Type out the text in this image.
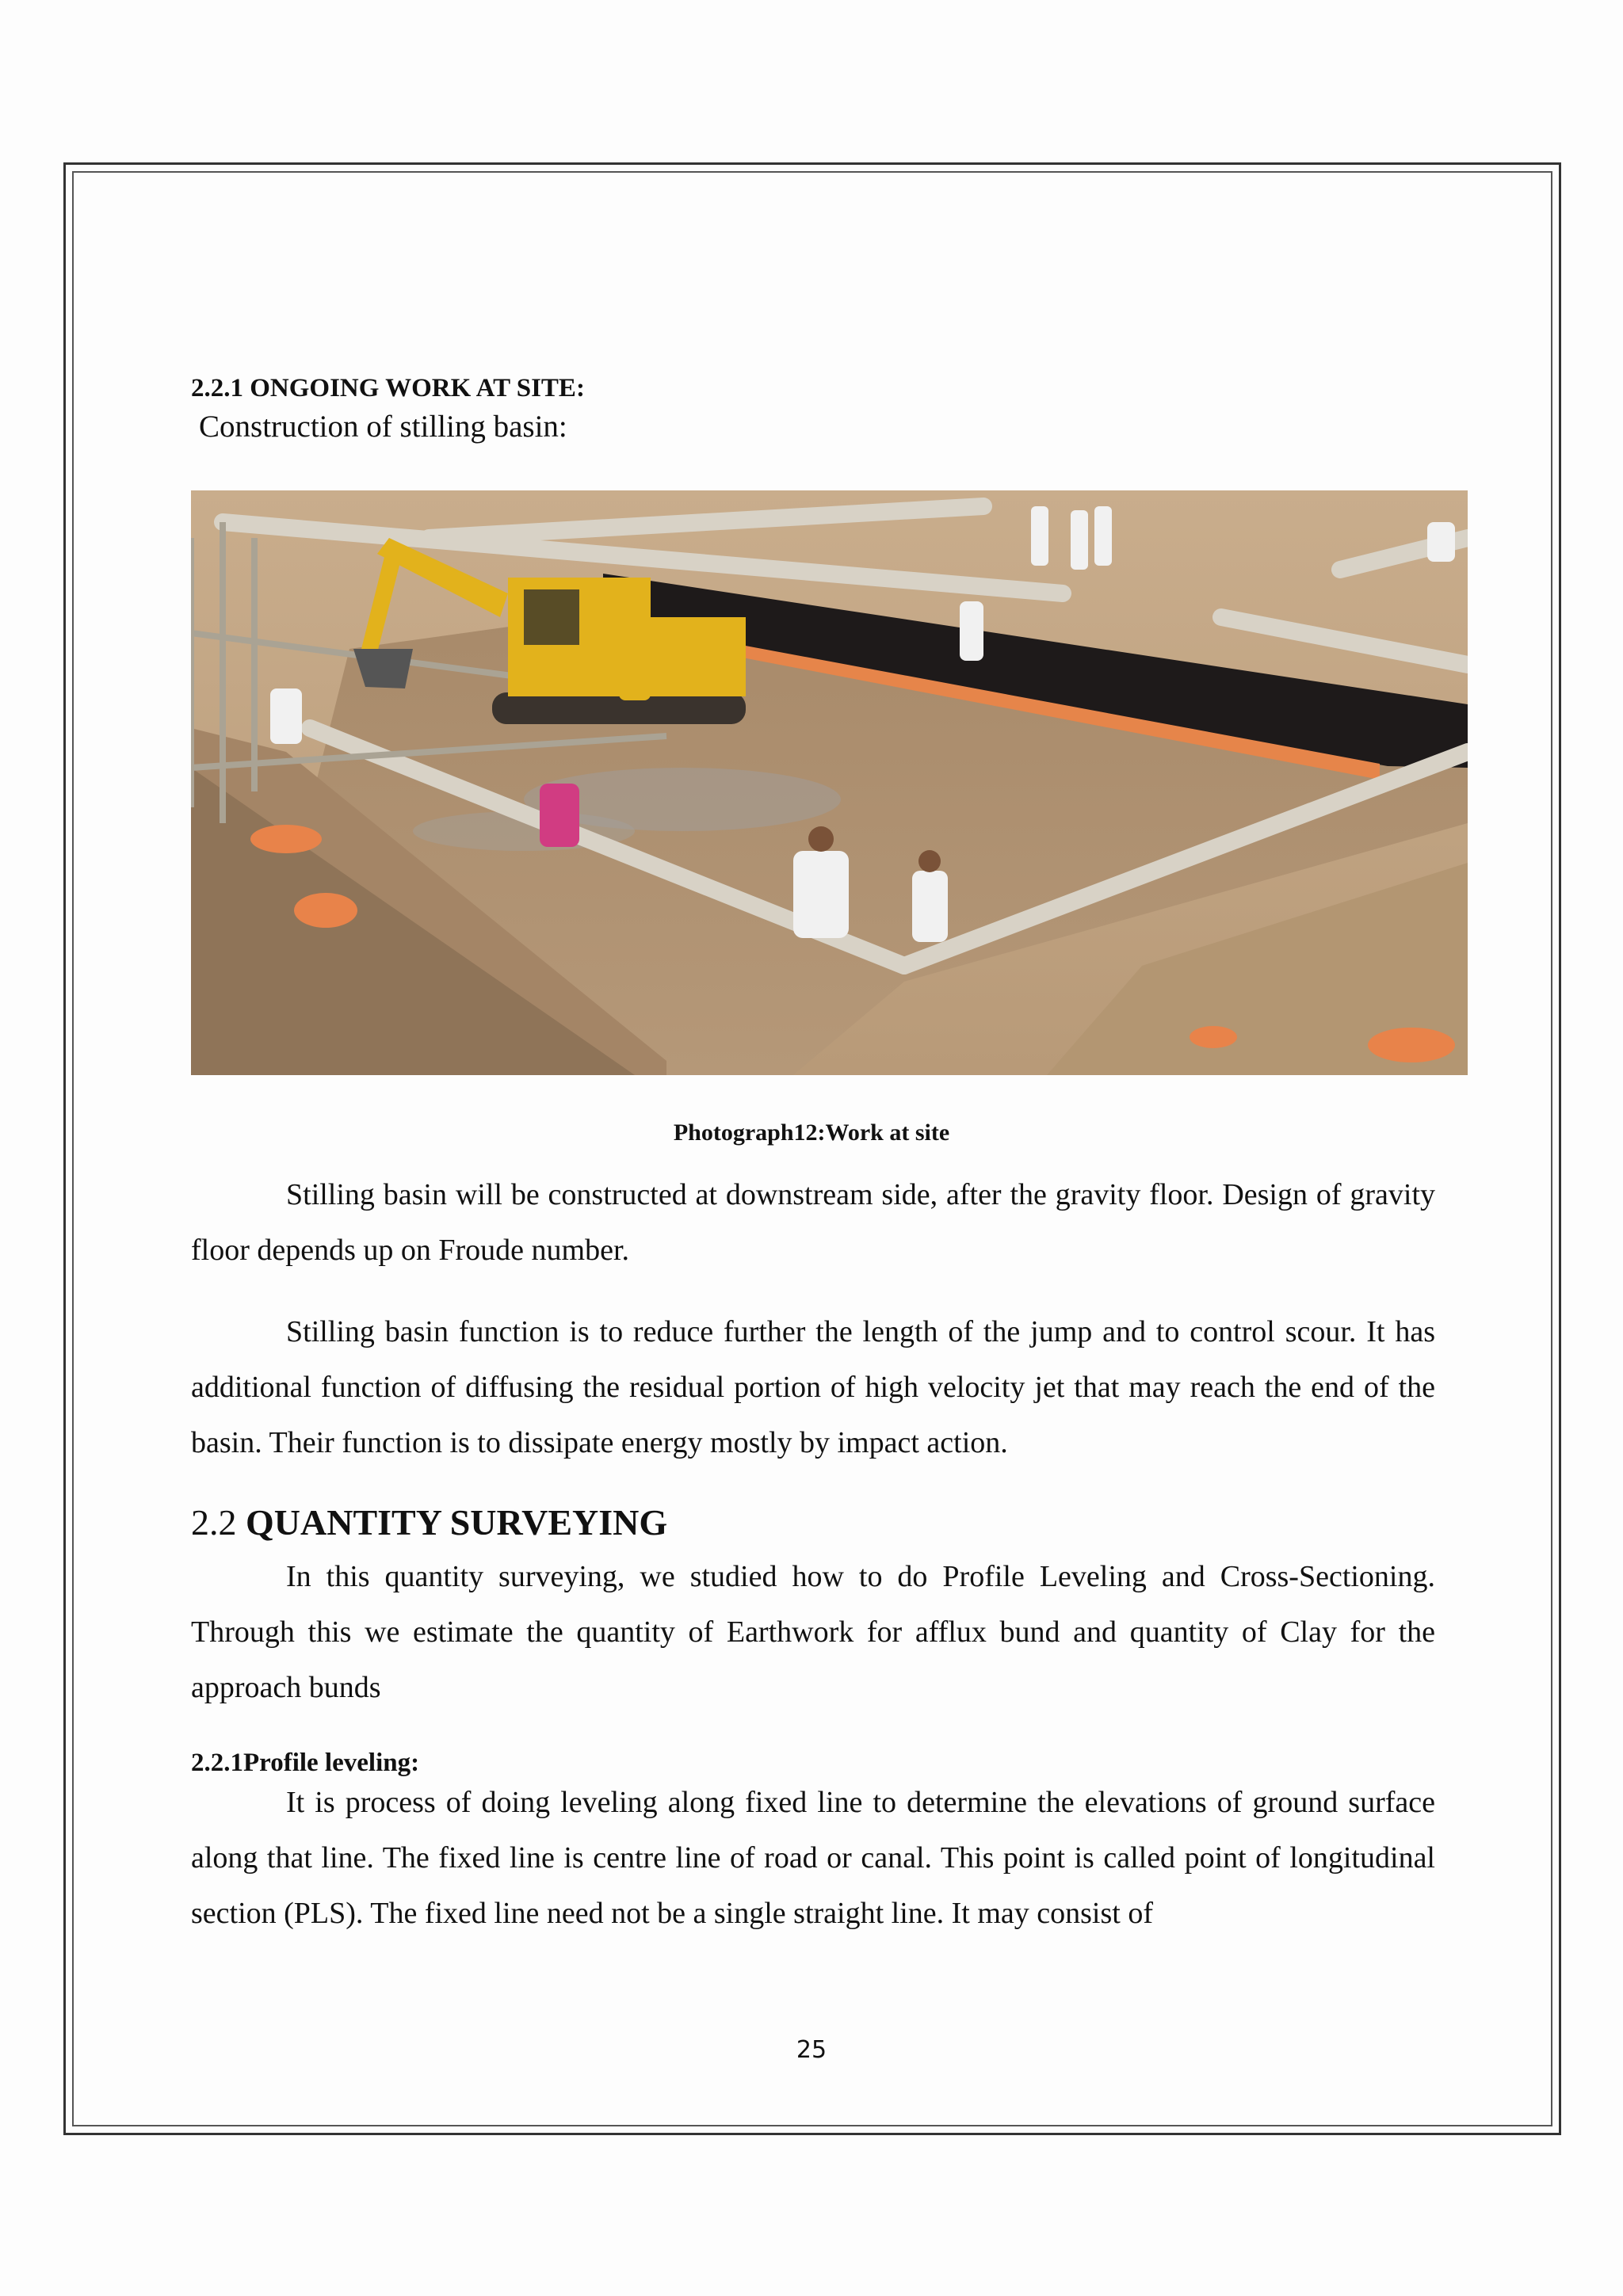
2.2.1 ONGOING WORK AT SITE:
Construction of stilling basin:
Photograph12:Work at site

Stilling basin will be constructed at downstream side, after the gravity floor. Design of gravity floor depends up on Froude number.

Stilling basin function is to reduce further the length of the jump and to control scour. It has additional function of diffusing the residual portion of high velocity jet that may reach the end of the basin. Their function is to dissipate energy mostly by impact action.

2.2 QUANTITY SURVEYING

In this quantity surveying, we studied how to do Profile Leveling and Cross-Sectioning. Through this we estimate the quantity of Earthwork for afflux bund and quantity of Clay for the approach bunds

2.2.1Profile leveling:

It is process of doing leveling along fixed line to determine the elevations of ground surface along that line. The fixed line is centre line of road or canal. This point is called point of longitudinal section (PLS). The fixed line need not be a single straight line. It may consist of

25
